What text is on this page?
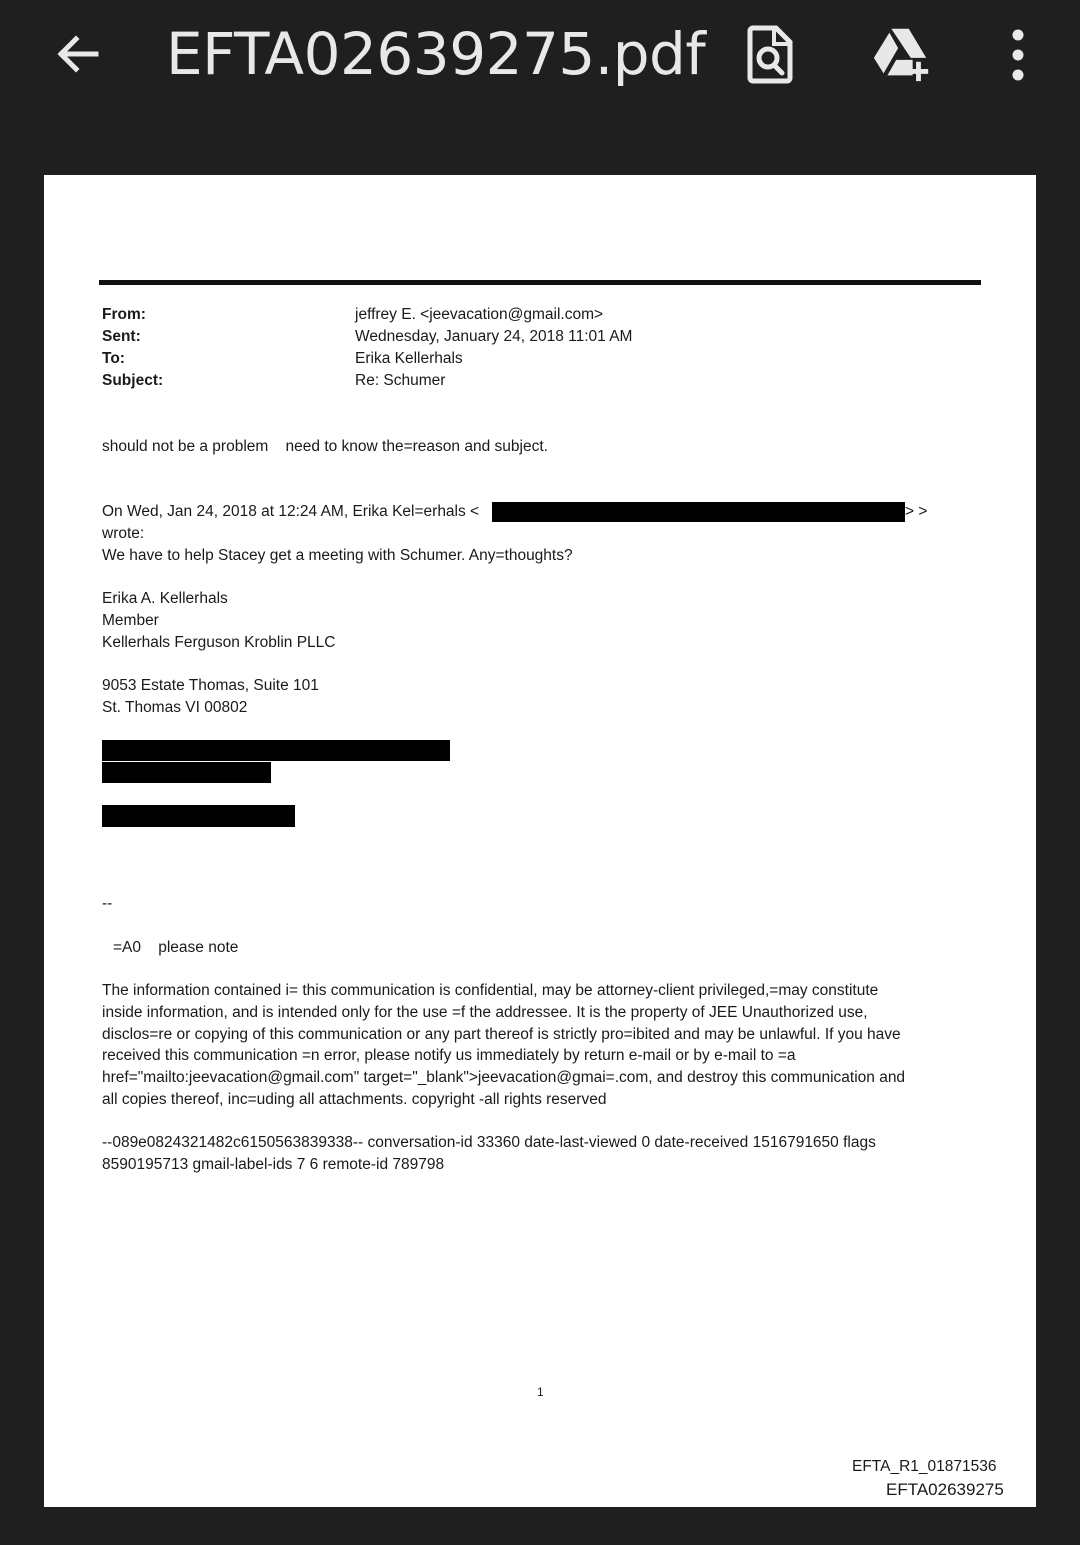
EFTA02639275.pdf
From:	jeffrey E. <jeevacation@gmail.com>
Sent:	Wednesday, January 24, 2018 11:01 AM
To:	Erika Kellerhals
Subject:	Re: Schumer
should not be a problem    need to know the=reason and subject.
On Wed, Jan 24, 2018 at 12:24 AM, Erika Kel=erhals <	> >
wrote:
We have to help Stacey get a meeting with Schumer. Any=thoughts?
Erika A. Kellerhals
Member
Kellerhals Ferguson Kroblin PLLC
9053 Estate Thomas, Suite 101
St. Thomas VI 00802
--
=A0    please note
The information contained i= this communication is confidential, may be attorney-client privileged,=may constitute
inside information, and is intended only for the use =f the addressee. It is the property of JEE Unauthorized use,
disclos=re or copying of this communication or any part thereof is strictly pro=ibited and may be unlawful. If you have
received this communication =n error, please notify us immediately by return e-mail or by e-mail to =a
href="mailto:jeevacation@gmail.com" target="_blank">jeevacation@gmai=.com, and destroy this communication and
all copies thereof, inc=uding all attachments. copyright -all rights reserved
--089e0824321482c6150563839338-- conversation-id 33360 date-last-viewed 0 date-received 1516791650 flags
8590195713 gmail-label-ids 7 6 remote-id 789798
1
EFTA_R1_01871536
EFTA02639275
